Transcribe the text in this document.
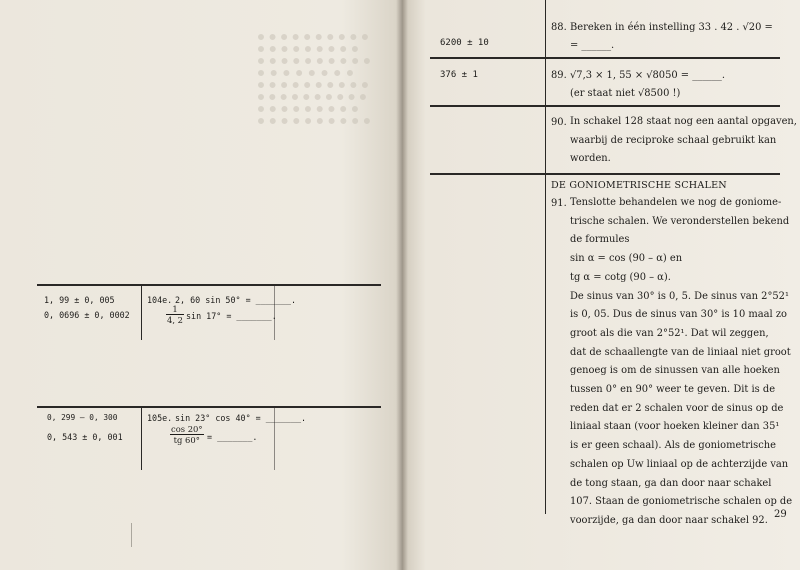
1, 99 ± 0, 005
0, 0696 ± 0, 0002
104e. 2, 60 sin 50° = _______.
$\frac{1}{4, 2}$ sin 17° = _______.
0, 299 – 0, 300
0, 543 ± 0, 001
105e. sin 23° cos 40° = _______.
$\frac{\cos 20^\circ}{tg 60^\circ}$ = _______.
6200 ± 10
88. Bereken in één instelling 33 . 42 . √20 =
= ______.
376 ± 1	89. √7,3 × 1, 55 × √8050 = ______.
(er staat niet √8500 !)
90. In schakel 128 staat nog een aantal opgaven,
waarbij de reciproke schaal gebruikt kan
worden.
DE GONIOMETRISCHE SCHALEN
91. Tenslotte behandelen we nog de goniome-
trische schalen. We veronderstellen bekend
de formules
sin α = cos (90 – α) en
tg α = cotg (90 – α).
De sinus van 30° is 0, 5. De sinus van 2°52¹
is 0, 05. Dus de sinus van 30° is 10 maal zo
groot als die van 2°52¹. Dat wil zeggen,
dat de schaallengte van de liniaal niet groot
genoeg is om de sinussen van alle hoeken
tussen 0° en 90° weer te geven. Dit is de
reden dat er 2 schalen voor de sinus op de
liniaal staan (voor hoeken kleiner dan 35¹
is er geen schaal). Als de goniometrische
schalen op Uw liniaal op de achterzijde van
de tong staan, ga dan door naar schakel
107. Staan de goniometrische schalen op de
voorzijde, ga dan door naar schakel 92.
29
